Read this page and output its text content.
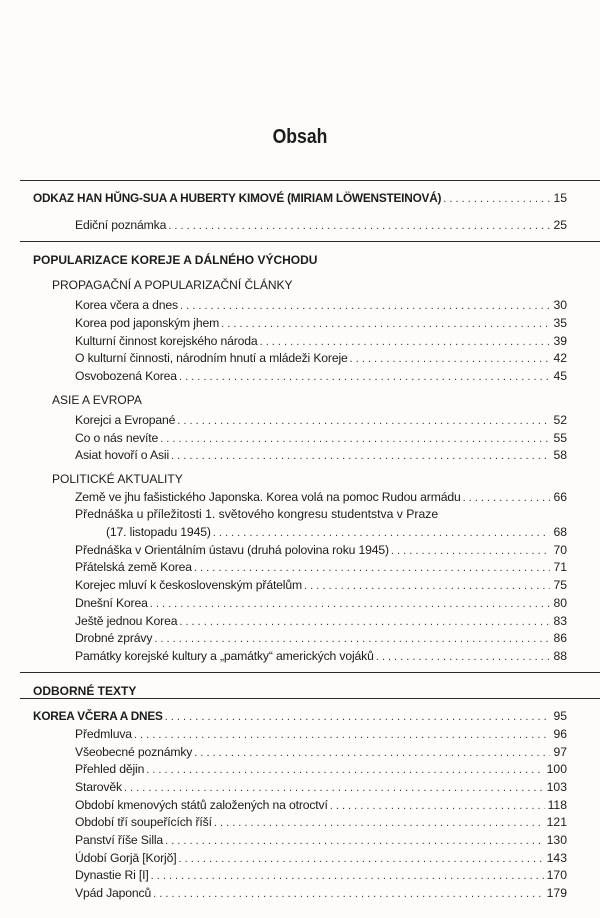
Obsah
ODKAZ HAN HŬNG-SUA A HUBERTY KIMOVÉ (MIRIAM LÖWENSTEINOVÁ) . . .	15
Ediční poznámka . . .	25
POPULARIZACE KOREJE A DÁLNÉHO VÝCHODU
PROPAGAČNÍ A POPULARIZAČNÍ ČLÁNKY
Korea včera a dnes . . .	30
Korea pod japonským jhem . . .	35
Kulturní činnost korejského národa . . .	39
O kulturní činnosti, národním hnutí a mládeži Koreje . . .	42
Osvobozená Korea . . .	45
ASIE A EVROPA
Korejci a Evropané . . .	52
Co o nás nevíte . . .	55
Asiat hovoří o Asii . . .	58
POLITICKÉ AKTUALITY
Země ve jhu fašistického Japonska. Korea volá na pomoc Rudou armádu . . .	66
Přednáška u příležitosti 1. světového kongresu studentstva v Praze
(17. listopadu 1945) . . .	68
Přednáška v Orientálním ústavu (druhá polovina roku 1945) . . .	70
Přátelská země Korea . . .	71
Korejec mluví k československým přátelům . . .	75
Dnešní Korea . . .	80
Ještě jednou Korea . . .	83
Drobné zprávy . . .	86
Památky korejské kultury a „památky“ amerických vojáků . . .	88
ODBORNÉ TEXTY
KOREA VČERA A DNES . . .	95
Předmluva . . .	96
Všeobecné poznámky . . .	97
Přehled dějin . . .	100
Starověk . . .	103
Období kmenových států založených na otroctví . . .	118
Období tří soupeřících říší . . .	121
Panství říše Silla . . .	130
Údobí Gorjā [Korjŏ] . . .	143
Dynastie Ri [I] . . .	170
Vpád Japonců . . .	179
